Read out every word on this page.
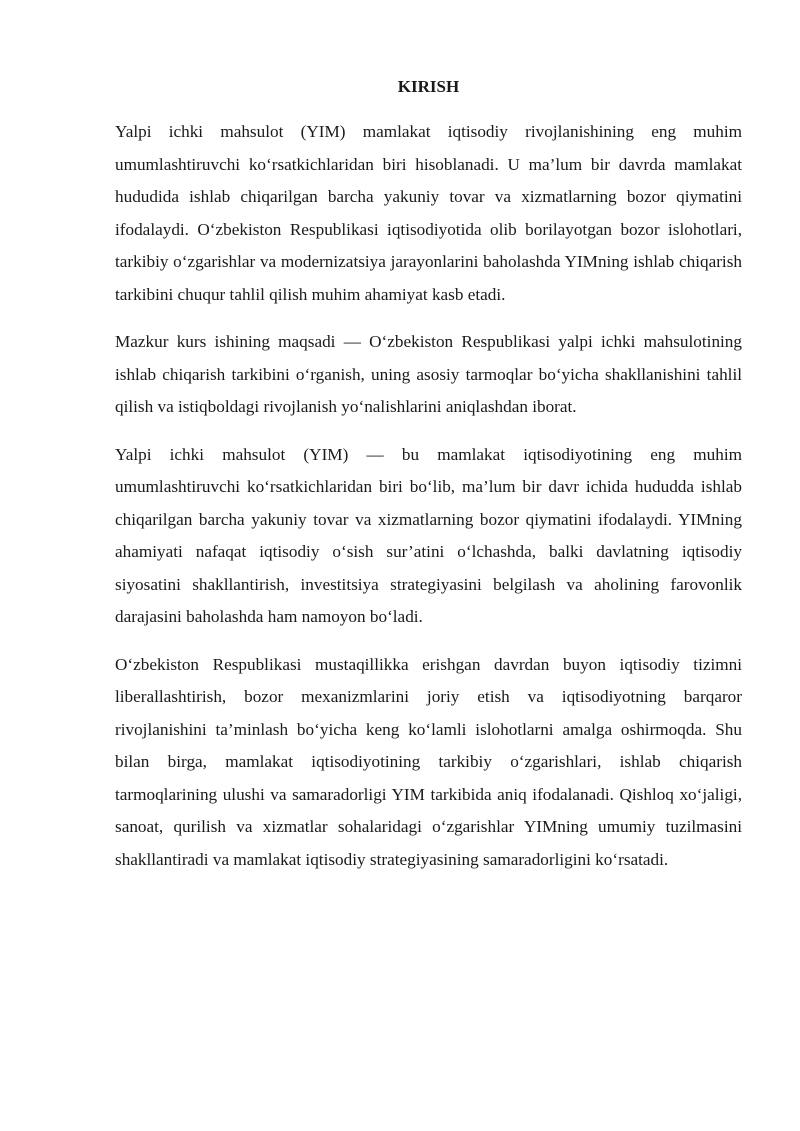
KIRISH

Yalpi ichki mahsulot (YIM) mamlakat iqtisodiy rivojlanishining eng muhim umumlashtiruvchi ko‘rsatkichlaridan biri hisoblanadi. U ma’lum bir davrda mamlakat hududida ishlab chiqarilgan barcha yakuniy tovar va xizmatlarning bozor qiymatini ifodalaydi. O‘zbekiston Respublikasi iqtisodiyotida olib borilayotgan bozor islohotlari, tarkibiy o‘zgarishlar va modernizatsiya jarayonlarini baholashda YIMning ishlab chiqarish tarkibini chuqur tahlil qilish muhim ahamiyat kasb etadi.

Mazkur kurs ishining maqsadi — O‘zbekiston Respublikasi yalpi ichki mahsulotining ishlab chiqarish tarkibini o‘rganish, uning asosiy tarmoqlar bo‘yicha shakllanishini tahlil qilish va istiqboldagi rivojlanish yo‘nalishlarini aniqlashdan iborat.

Yalpi ichki mahsulot (YIM) — bu mamlakat iqtisodiyotining eng muhim umumlashtiruvchi ko‘rsatkichlaridan biri bo‘lib, ma’lum bir davr ichida hududda ishlab chiqarilgan barcha yakuniy tovar va xizmatlarning bozor qiymatini ifodalaydi. YIMning ahamiyati nafaqat iqtisodiy o‘sish sur’atini o‘lchashda, balki davlatning iqtisodiy siyosatini shakllantirish, investitsiya strategiyasini belgilash va aholining farovonlik darajasini baholashda ham namoyon bo‘ladi.

O‘zbekiston Respublikasi mustaqillikka erishgan davrdan buyon iqtisodiy tizimni liberallashtirish, bozor mexanizmlarini joriy etish va iqtisodiyotning barqaror rivojlanishini ta’minlash bo‘yicha keng ko‘lamli islohotlarni amalga oshirmoqda. Shu bilan birga, mamlakat iqtisodiyotining tarkibiy o‘zgarishlari, ishlab chiqarish tarmoqlarining ulushi va samaradorligi YIM tarkibida aniq ifodalanadi. Qishloq xo‘jaligi, sanoat, qurilish va xizmatlar sohalaridagi o‘zgarishlar YIMning umumiy tuzilmasini shakllantiradi va mamlakat iqtisodiy strategiyasining samaradorligini ko‘rsatadi.
